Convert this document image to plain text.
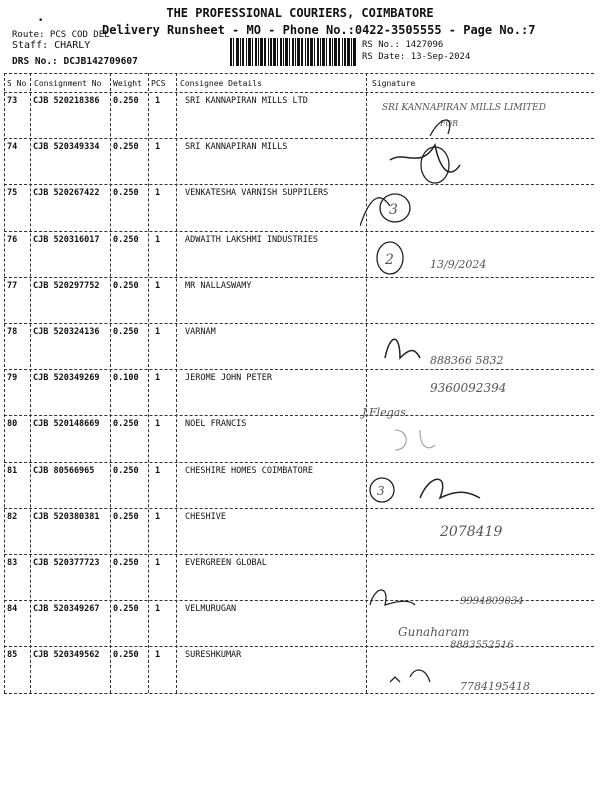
•
THE PROFESSIONAL COURIERS, COIMBATORE
Delivery Runsheet - MO - Phone No.:0422-3505555 - Page No.:7
Route: PCS COD DEL
Staff: CHARLY
DRS No.: DCJB142709607
RS No.: 1427096
RS Date: 13-Sep-2024
S No Consignment No Weight PCS Consignee Details	Signature
73 CJB 520218386 0.250 1	SRI KANNAPIRAN MILLS LTD
74 CJB 520349334 0.250 1	SRI KANNAPIRAN MILLS
75 CJB 520267422 0.250 1	VENKATESHA VARNISH SUPPILERS
76 CJB 520316017 0.250 1	ADWAITH LAKSHMI INDUSTRIES
77 CJB 520297752 0.250 1	MR NALLASWAMY
78 CJB 520324136 0.250 1	VARNAM
79 CJB 520349269 0.100 1	JEROME JOHN PETER
80 CJB 520148669 0.250 1	NOEL FRANCIS
81 CJB 80566965 0.250 1	CHESHIRE HOMES COIMBATORE
82 CJB 520380381 0.250 1	CHESHIVE
83 CJB 520377723 0.250 1	EVERGREEN GLOBAL
84 CJB 520349267 0.250 1	VELMURUGAN
85 CJB 520349562 0.250 1	SURESHKUMAR
SRI KANNAPIRAN MILLS LIMITED
FOR
3
2	13/9/2024
888366 5832
9360092394
J.Flegas
3
2078419
9994809034
Gunaharam
8883552516
7784195418
